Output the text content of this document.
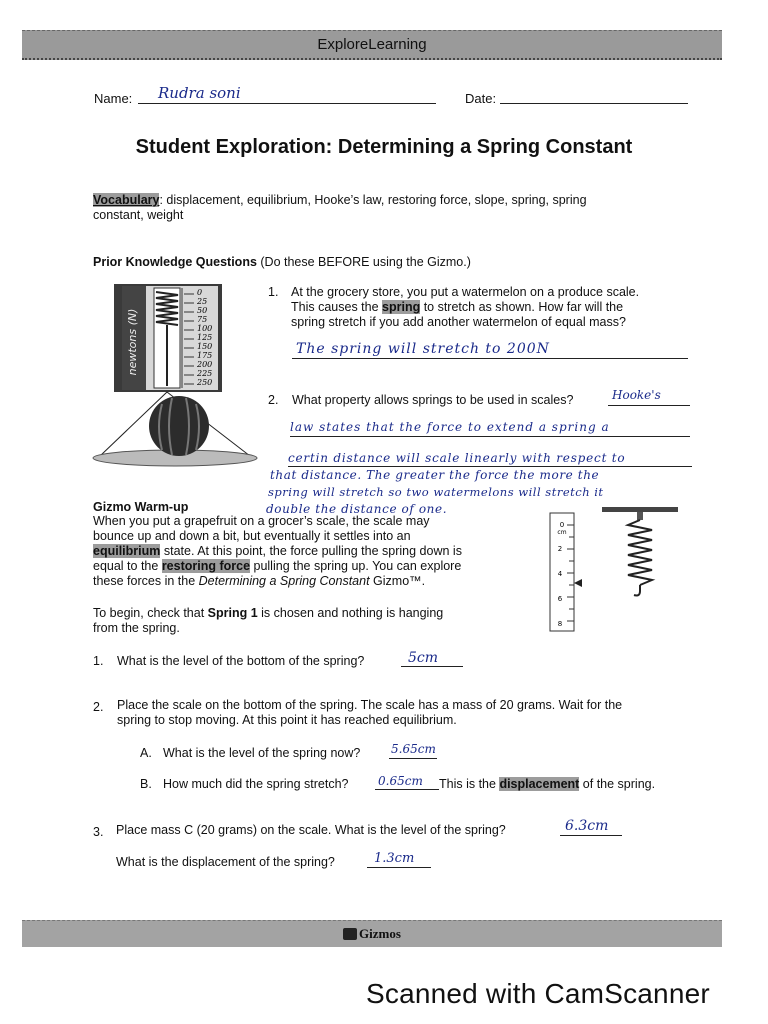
ExploreLearning
Name: Rudra soni	Date:
Student Exploration: Determining a Spring Constant
Vocabulary: displacement, equilibrium, Hooke’s law, restoring force, slope, spring, spring
constant, weight
Prior Knowledge Questions (Do these BEFORE using the Gizmo.)
newtons (N)
0
25
50
75
100
125
150
175
200
225
250
1. At the grocery store, you put a watermelon on a produce scale.
This causes the spring to stretch as shown. How far will the
spring stretch if you add another watermelon of equal mass?
The spring will stretch to 200N
2. What property allows springs to be used in scales?	Hooke's
law states that the force to extend a spring a
certin distance will scale linearly with respect to
that distance. The greater the force the more the
spring will stretch so two watermelons will stretch it
double the distance of one.
Gizmo Warm-up
When you put a grapefruit on a grocer’s scale, the scale may
bounce up and down a bit, but eventually it settles into an
equilibrium state. At this point, the force pulling the spring down is
equal to the restoring force pulling the spring up. You can explore
these forces in the Determining a Spring Constant Gizmo™.
To begin, check that Spring 1 is chosen and nothing is hanging
from the spring.
0
cm
2
4
6
8
1. What is the level of the bottom of the spring?	5cm
2. Place the scale on the bottom of the spring. The scale has a mass of 20 grams. Wait for the
spring to stop moving. At this point it has reached equilibrium.
A. What is the level of the spring now?	5.65cm
B. How much did the spring stretch? 0.65cm This is the displacement of the spring.
3. Place mass C (20 grams) on the scale. What is the level of the spring?	6.3cm
What is the displacement of the spring?	1.3cm
Gizmos
Scanned with CamScanner
